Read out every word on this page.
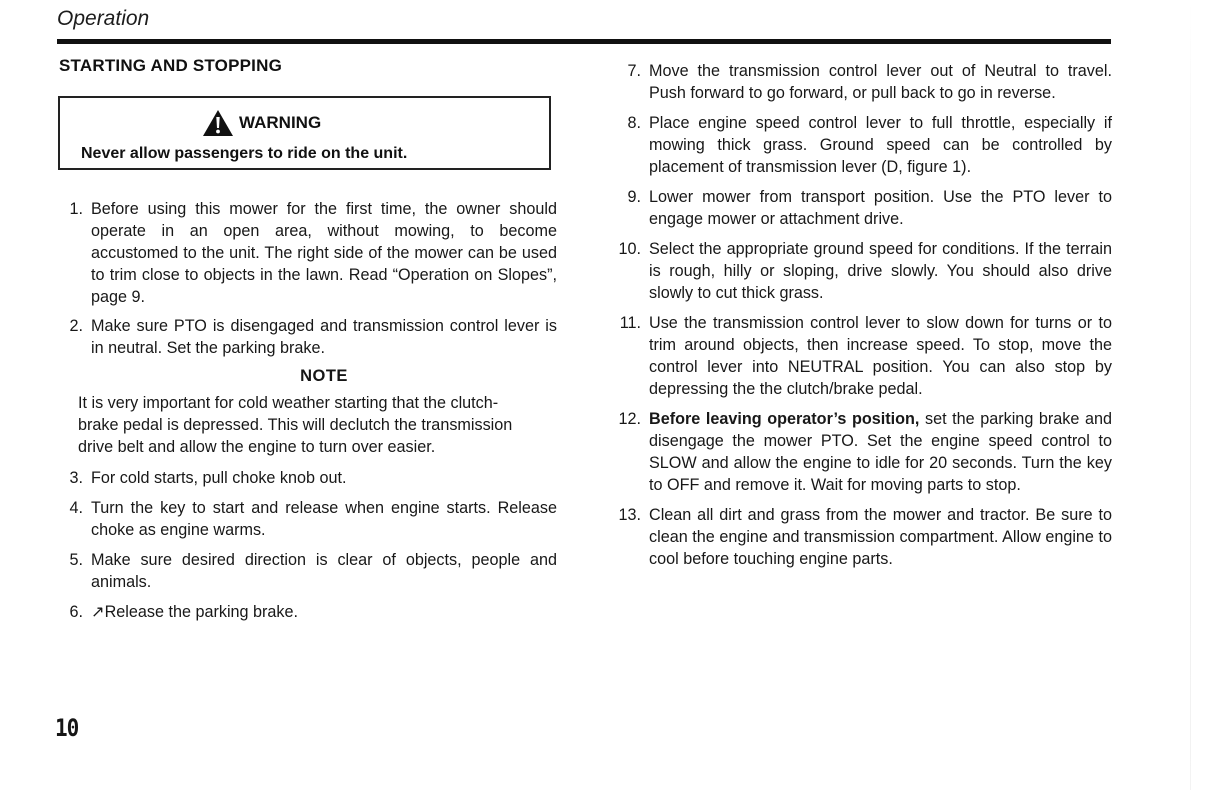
Operation
STARTING AND STOPPING
WARNING
Never allow passengers to ride on the unit.
1. Before using this mower for the first time, the owner should operate in an open area, without mowing, to become accustomed to the unit. The right side of the mower can be used to trim close to objects in the lawn. Read “Operation on Slopes”, page 9.
2. Make sure PTO is disengaged and transmission control lever is in neutral. Set the parking brake.
NOTE
It is very important for cold weather starting that the clutch-brake pedal is depressed. This will declutch the transmission drive belt and allow the engine to turn over easier.
3. For cold starts, pull choke knob out.
4. Turn the key to start and release when engine starts. Release choke as engine warms.
5. Make sure desired direction is clear of objects, people and animals.
6. ↗Release the parking brake.
7. Move the transmission control lever out of Neutral to travel. Push forward to go forward, or pull back to go in reverse.
8. Place engine speed control lever to full throttle, especially if mowing thick grass. Ground speed can be controlled by placement of transmission lever (D, figure 1).
9. Lower mower from transport position. Use the PTO lever to engage mower or attachment drive.
10. Select the appropriate ground speed for conditions. If the terrain is rough, hilly or sloping, drive slowly. You should also drive slowly to cut thick grass.
11. Use the transmission control lever to slow down for turns or to trim around objects, then increase speed. To stop, move the control lever into NEUTRAL position. You can also stop by depressing the the clutch/brake pedal.
12. Before leaving operator’s position, set the parking brake and disengage the mower PTO. Set the engine speed control to SLOW and allow the engine to idle for 20 seconds. Turn the key to OFF and remove it. Wait for moving parts to stop.
13. Clean all dirt and grass from the mower and tractor. Be sure to clean the engine and transmission compartment. Allow engine to cool before touching engine parts.
10
